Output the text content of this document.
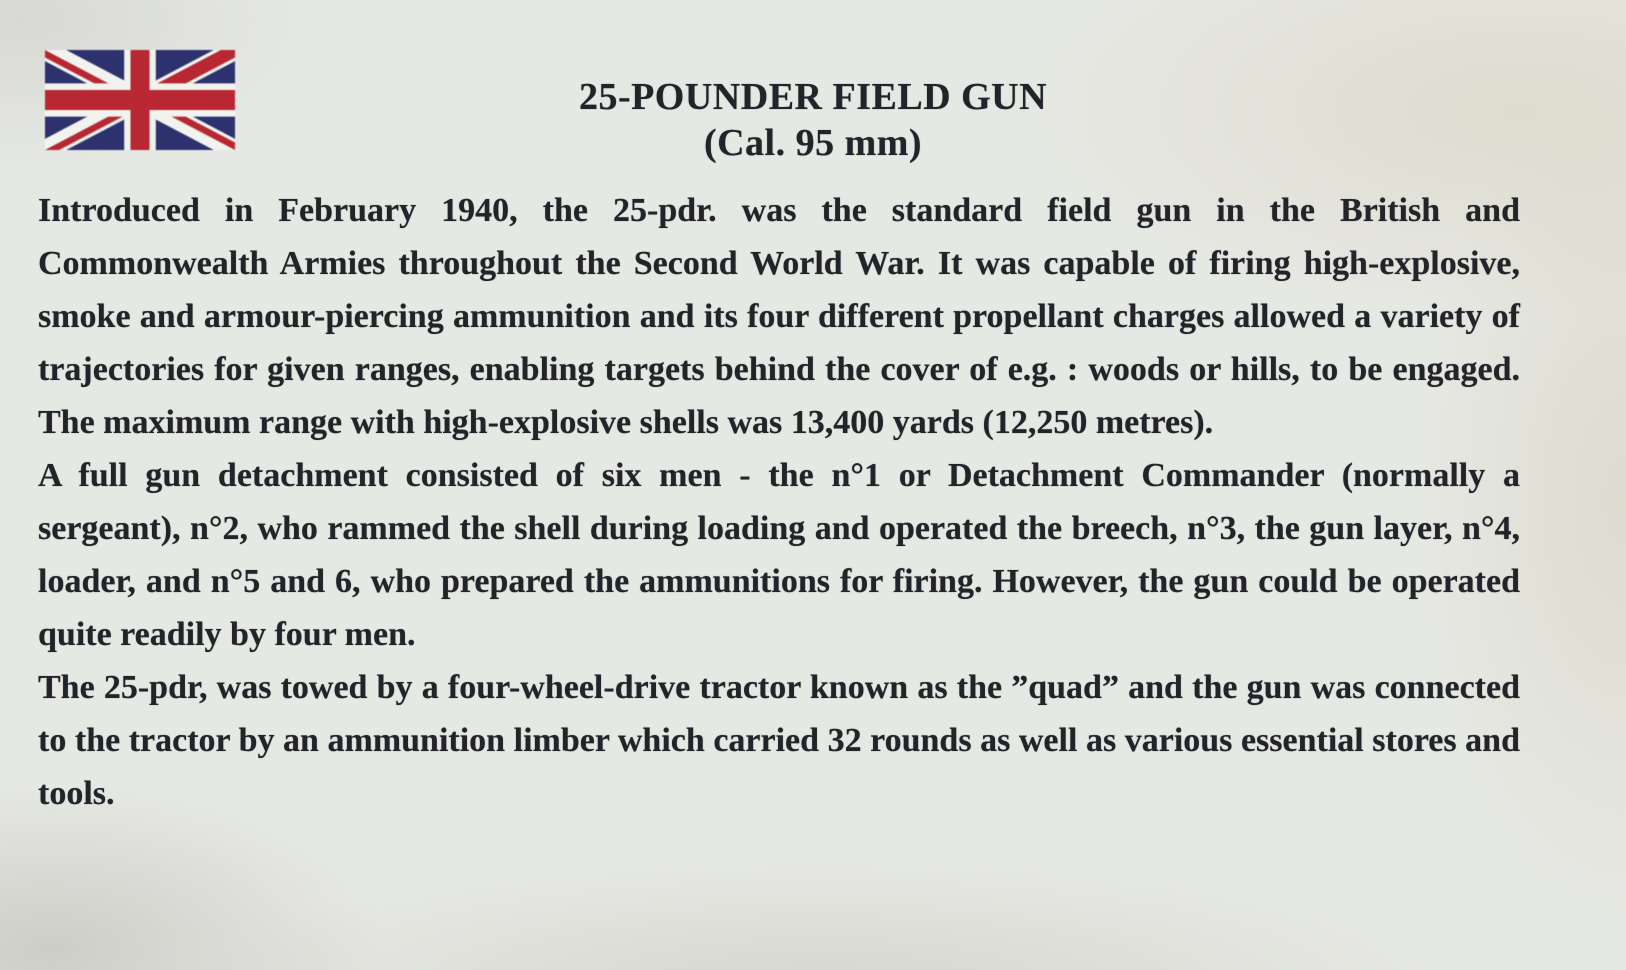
25-POUNDER FIELD GUN
(Cal. 95 mm)

Introduced in February 1940, the 25-pdr. was the standard field gun in the British and Commonwealth Armies throughout the Second World War. It was capable of firing high-explosive, smoke and armour-piercing ammunition and its four different propellant charges allowed a variety of trajectories for given ranges, enabling targets behind the cover of e.g. : woods or hills, to be engaged. The maximum range with high-explosive shells was 13,400 yards (12,250 metres).

A full gun detachment consisted of six men - the n°1 or Detachment Commander (normally a sergeant), n°2, who rammed the shell during loading and operated the breech, n°3, the gun layer, n°4, loader, and n°5 and 6, who prepared the ammunitions for firing. However, the gun could be operated quite readily by four men.

The 25-pdr, was towed by a four-wheel-drive tractor known as the ”quad” and the gun was connected to the tractor by an ammunition limber which carried 32 rounds as well as various essential stores and tools.
